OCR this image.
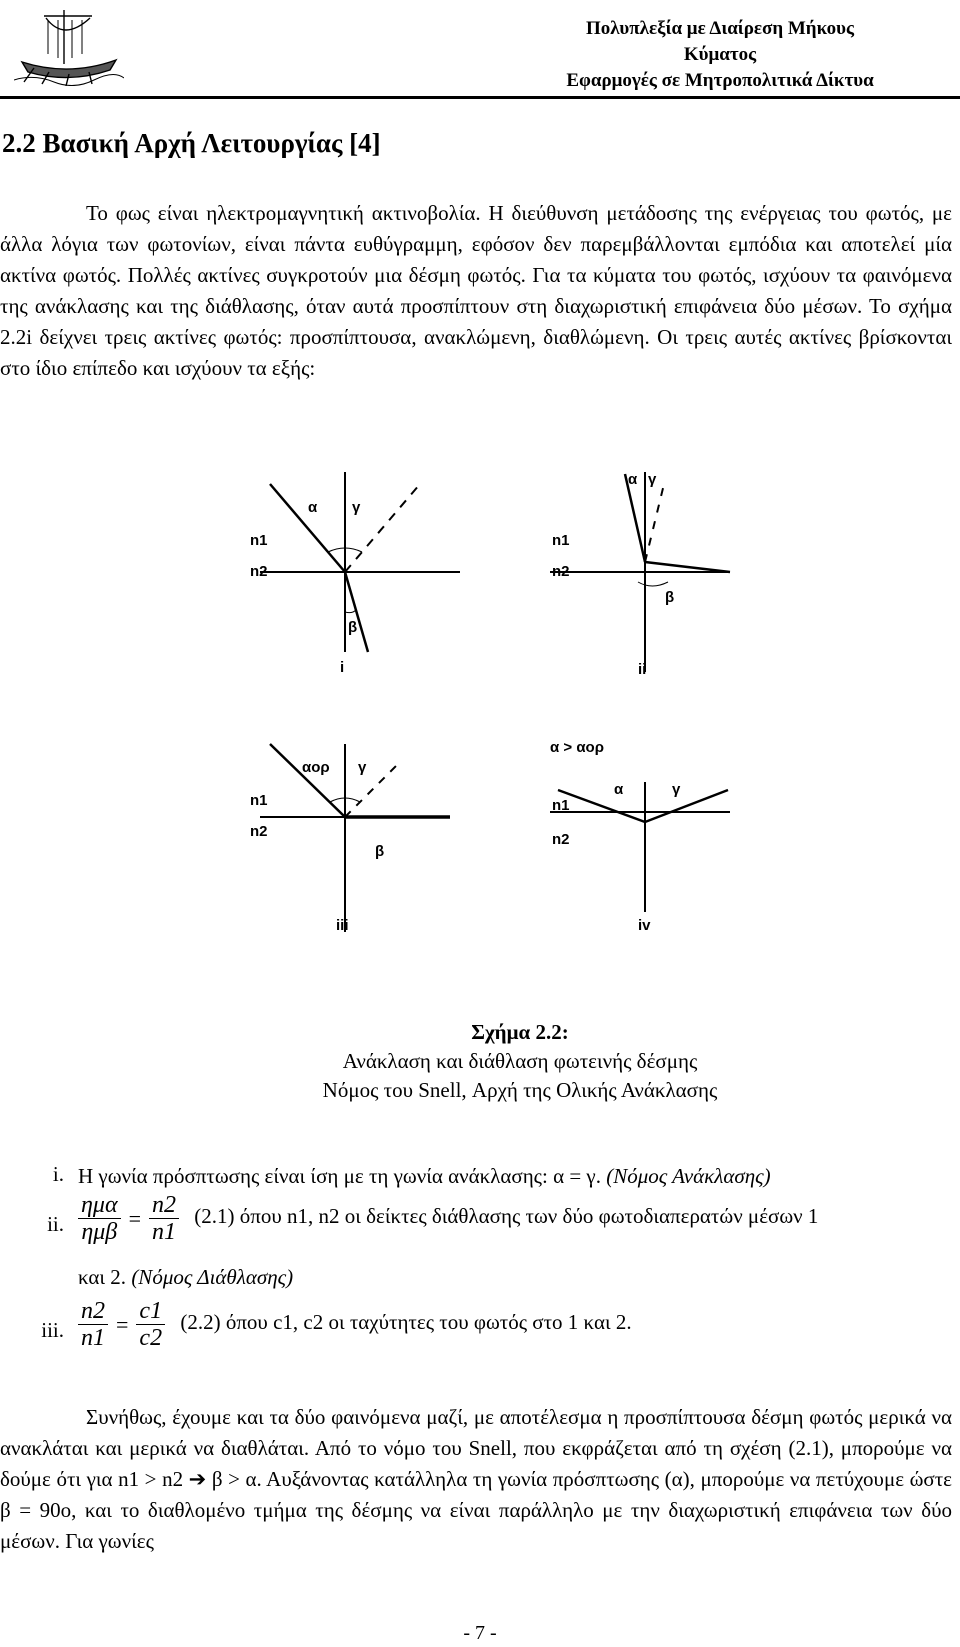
Πολυπλεξία με Διαίρεση Μήκους Κύματος
Εφαρμογές σε Μητροπολιτικά Δίκτυα
2.2 Βασική Αρχή Λειτουργίας [4]

Το φως είναι ηλεκτρομαγνητική ακτινοβολία. Η διεύθυνση μετάδοσης της ενέργειας του φωτός, με άλλα λόγια των φωτονίων, είναι πάντα ευθύγραμμη, εφόσον δεν παρεμβάλλονται εμπόδια και αποτελεί μία ακτίνα φωτός. Πολλές ακτίνες συγκροτούν μια δέσμη φωτός. Για τα κύματα του φωτός, ισχύουν τα φαινόμενα της ανάκλασης και της διάθλασης, όταν αυτά προσπίπτουν στη διαχωριστική επιφάνεια δύο μέσων. Το σχήμα 2.2i δείχνει τρεις ακτίνες φωτός: προσπίπτουσα, ανακλώμενη, διαθλώμενη. Οι τρεις αυτές ακτίνες βρίσκονται στο ίδιο επίπεδο και ισχύουν τα εξής:

n1
n2
α γ
β
i
n1
n2
α γ
β
ii
n1
n2
αορ γ
β
iii
n1
n2
α > αορ
α	γ
iv
Σχήμα 2.2:
Ανάκλαση και διάθλαση φωτεινής δέσμης
Νόμος του Snell, Αρχή της Ολικής Ανάκλασης
i. Η γωνία πρόσπτωσης είναι ίση με τη γωνία ανάκλασης: α = γ. (Νόμος Ανάκλασης)
ii. $\frac{\text{ημα}}{\text{ημβ}} = \frac{n2}{n1} (2.1)$ όπου n1, n2 οι δείκτες διάθλασης των δύο φωτοδιαπερατών μέσων 1
και 2. (Νόμος Διάθλασης)
iii. $\frac{n2}{n1} = \frac{c1}{c2} (2.2)$ όπου c1, c2 οι ταχύτητες του φωτός στο 1 και 2.

Συνήθως, έχουμε και τα δύο φαινόμενα μαζί, με αποτέλεσμα η προσπίπτουσα δέσμη φωτός μερικά να ανακλάται και μερικά να διαθλάται. Από το νόμο του Snell, που εκφράζεται από τη σχέση (2.1), μπορούμε να δούμε ότι για n1 > n2 ➔ β > α. Αυξάνοντας κατάλληλα τη γωνία πρόσπτωσης (α), μπορούμε να πετύχουμε ώστε β = 90ο, και το διαθλομένο τμήμα της δέσμης να είναι παράλληλο με την διαχωριστική επιφάνεια των δύο μέσων. Για γωνίες

- 7 -
